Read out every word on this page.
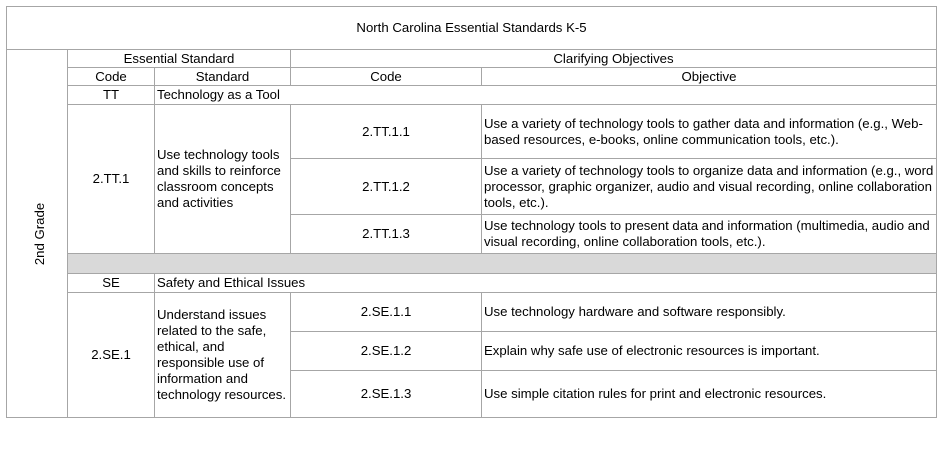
North Carolina Essential Standards K-5				
2nd Grade	Essential Standard		Clarifying Objectives	
	Code	Standard	Code	Objective
	TT	Technology as a Tool		
	2.TT.1	Use technology tools and skills to reinforce classroom concepts and activities	2.TT.1.1	Use a variety of technology tools to gather data and information (e.g., Web-based resources, e-books, online communication tools, etc.).
			2.TT.1.2	Use a variety of technology tools to organize data and information (e.g., word processor, graphic organizer, audio and visual recording, online collaboration tools, etc.).
			2.TT.1.3	Use technology tools to present data and information (multimedia, audio and visual recording, online collaboration tools, etc.).

	SE	Safety and Ethical Issues		
	2.SE.1	Understand issues related to the safe, ethical, and responsible use of information and technology resources.	2.SE.1.1	Use technology hardware and software responsibly.
			2.SE.1.2	Explain why safe use of electronic resources is important.
			2.SE.1.3	Use simple citation rules for print and electronic resources.
